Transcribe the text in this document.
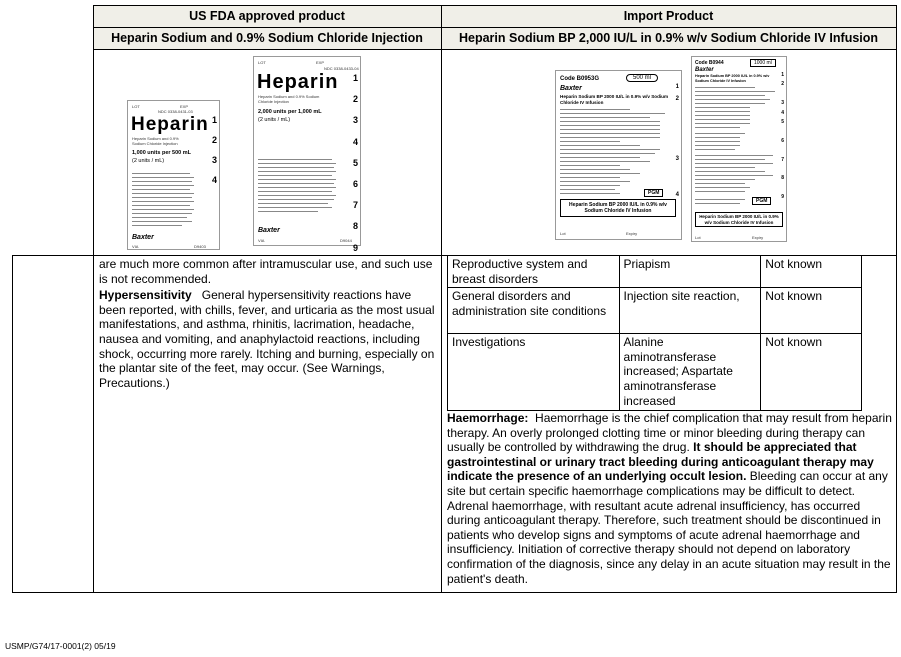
US FDA approved product	Import Product
Heparin Sodium and 0.9% Sodium Chloride Injection	Heparin Sodium BP 2,000 IU/L in 0.9% w/v Sodium Chloride IV Infusion
LOT	EXP
NDC 0338-0431-03
Heparin
Heparin Sodium and 0.9% Sodium Chloride Injection
1,000 units per 500 mL
(2 units / mL)
1

2

3

4
Baxter
VIA	D9403
LOT	EXP
NDC 0338-0433-04
Heparin
Heparin Sodium and 0.9% Sodium Chloride Injection
2,000 units per 1,000 mL
(2 units / mL)
1

2

3

4

5

6

7

8

9
Baxter
VIA	D9044
Code B0953G	500 ml
Baxter
Heparin Sodium BP 2000 IU/L in 0.9% w/v Sodium Chloride IV Infusion
1
2

3

4
PGM
Heparin Sodium BP 2000 IU/L in 0.9% w/v Sodium Chloride IV Infusion
Lot	Expiry
Code B0944	1000 ml
Baxter
Heparin Sodium BP 2000 IU/L in 0.9% w/v Sodium Chloride IV Infusion
1
2

3
4
5

6

7

8

9
PGM
Heparin Sodium BP 2000 IU/L in 0.9% w/v Sodium Chloride IV Infusion
Lot	Expiry
are much more common after intramuscular use, and such use is not recommended.
Hypersensitivity General hypersensitivity reactions have been reported, with chills, fever, and urticaria as the most usual manifestations, and asthma, rhinitis, lacrimation, headache, nausea and vomiting, and anaphylactoid reactions, including shock, occurring more rarely. Itching and burning, especially on the plantar site of the feet, may occur. (See Warnings, Precautions.)
Reproductive system and breast disorders	Priapism	Not known
General disorders and administration site conditions	Injection site reaction,	Not known
Investigations	Alanine aminotransferase increased; Aspartate aminotransferase increased	Not known
Haemorrhage: Haemorrhage is the chief complication that may result from heparin therapy. An overly prolonged clotting time or minor bleeding during therapy can usually be controlled by withdrawing the drug. It should be appreciated that gastrointestinal or urinary tract bleeding during anticoagulant therapy may indicate the presence of an underlying occult lesion. Bleeding can occur at any site but certain specific haemorrhage complications may be difficult to detect. Adrenal haemorrhage, with resultant acute adrenal insufficiency, has occurred during anticoagulant therapy. Therefore, such treatment should be discontinued in patients who develop signs and symptoms of acute adrenal haemorrhage and insufficiency. Initiation of corrective therapy should not depend on laboratory confirmation of the diagnosis, since any delay in an acute situation may result in the patient's death.
USMP/G74/17-0001(2) 05/19
